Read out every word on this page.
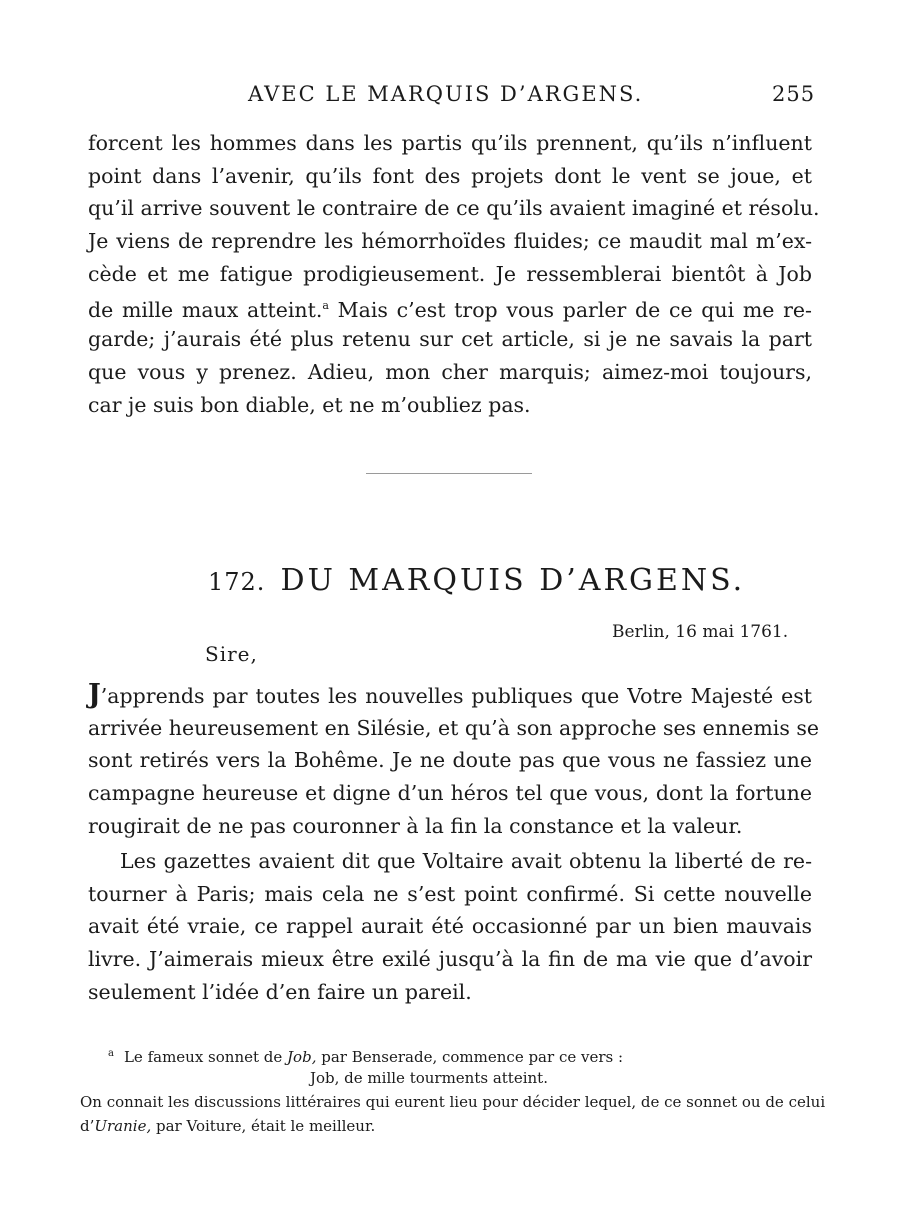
AVEC LE MARQUIS D’ARGENS.	255
forcent les hommes dans les partis qu’ils prennent, qu’ils n’influent
point dans l’avenir, qu’ils font des projets dont le vent se joue, et
qu’il arrive souvent le contraire de ce qu’ils avaient imaginé et résolu.
Je viens de reprendre les hémorrhoïdes fluides; ce maudit mal m’ex-
cède et me fatigue prodigieusement. Je ressemblerai bientôt à Job
de mille maux atteint.$^a$ Mais c’est trop vous parler de ce qui me re-
garde; j’aurais été plus retenu sur cet article, si je ne savais la part
que vous y prenez. Adieu, mon cher marquis; aimez-moi toujours,
car je suis bon diable, et ne m’oubliez pas.
172. DU MARQUIS D’ARGENS.
Berlin, 16 mai 1761.
Sire,
J’apprends par toutes les nouvelles publiques que Votre Majesté est
arrivée heureusement en Silésie, et qu’à son approche ses ennemis se
sont retirés vers la Bohême. Je ne doute pas que vous ne fassiez une
campagne heureuse et digne d’un héros tel que vous, dont la fortune
rougirait de ne pas couronner à la fin la constance et la valeur.
Les gazettes avaient dit que Voltaire avait obtenu la liberté de re-
tourner à Paris; mais cela ne s’est point confirmé. Si cette nouvelle
avait été vraie, ce rappel aurait été occasionné par un bien mauvais
livre. J’aimerais mieux être exilé jusqu’à la fin de ma vie que d’avoir
seulement l’idée d’en faire un pareil.
$^a$ Le fameux sonnet de Job, par Benserade, commence par ce vers :
Job, de mille tourments atteint.
On connait les discussions littéraires qui eurent lieu pour décider lequel, de ce sonnet ou de celui
d’Uranie, par Voiture, était le meilleur.
